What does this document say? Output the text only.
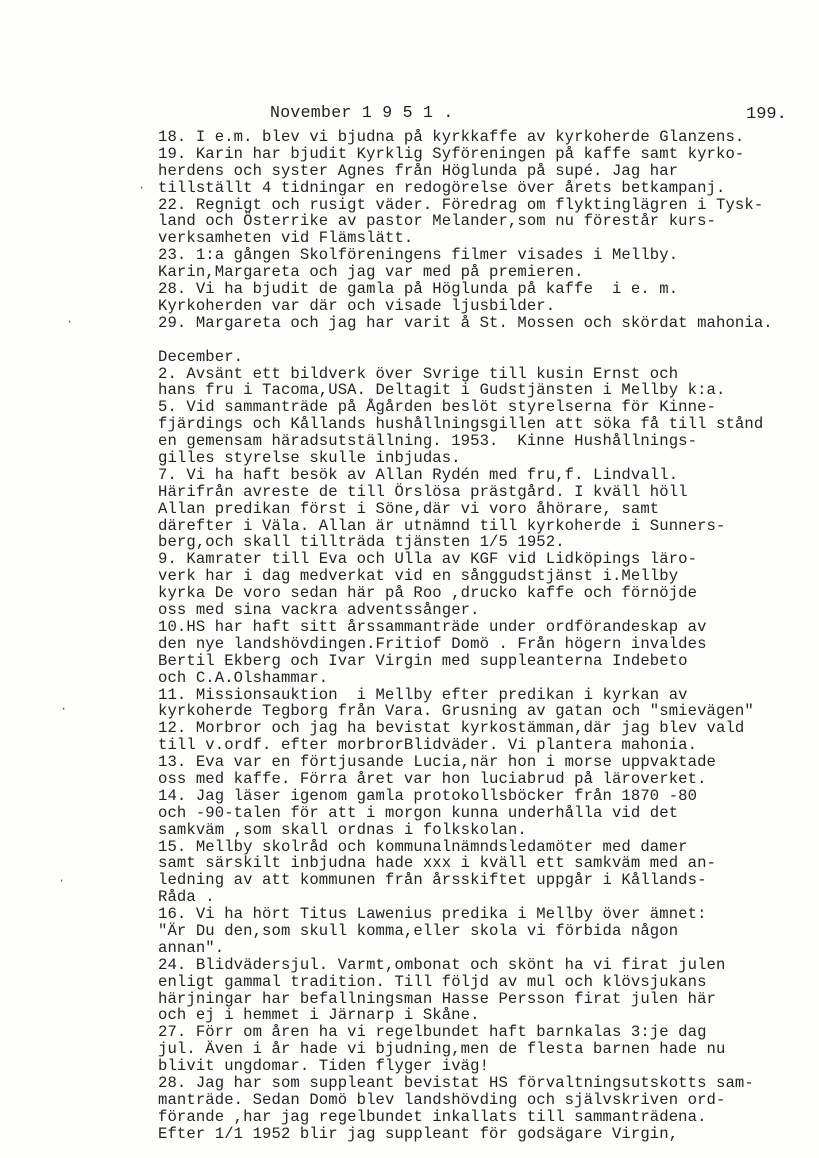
November 1 9 5 1 .	199.
18. I e.m. blev vi bjudna på kyrkkaffe av kyrkoherde Glanzens.
19. Karin har bjudit Kyrklig Syföreningen på kaffe samt kyrko-
herdens och syster Agnes från Höglunda på supé. Jag har
tillställt 4 tidningar en redogörelse över årets betkampanj.
22. Regnigt och rusigt väder. Föredrag om flyktinglägren i Tysk-
land och Österrike av pastor Melander,som nu förestår kurs-
verksamheten vid Flämslätt.
23. 1:a gången Skolföreningens filmer visades i Mellby.
Karin,Margareta och jag var med på premieren.
28. Vi ha bjudit de gamla på Höglunda på kaffe  i e. m.
Kyrkoherden var där och visade ljusbilder.
29. Margareta och jag har varit å St. Mossen och skördat mahonia.
December.
2. Avsänt ett bildverk över Svrige till kusin Ernst och
hans fru i Tacoma,USA. Deltagit i Gudstjänsten i Mellby k:a.
5. Vid sammanträde på Ågården beslöt styrelserna för Kinne-
fjärdings och Kållands hushållningsgillen att söka få till stånd
en gemensam häradsutställning. 1953.  Kinne Hushållnings-
gilles styrelse skulle inbjudas.
7. Vi ha haft besök av Allan Rydén med fru,f. Lindvall.
Härifrån avreste de till Örslösa prästgård. I kväll höll
Allan predikan först i Söne,där vi voro åhörare, samt
därefter i Väla. Allan är utnämnd till kyrkoherde i Sunners-
berg,och skall tillträda tjänsten 1/5 1952.
9. Kamrater till Eva och Ulla av KGF vid Lidköpings läro-
verk har i dag medverkat vid en sånggudstjänst i.Mellby
kyrka De voro sedan här på Roo ,drucko kaffe och förnöjde
oss med sina vackra adventssånger.
10.HS har haft sitt årssammanträde under ordförandeskap av
den nye landshövdingen.Fritiof Domö . Från högern invaldes
Bertil Ekberg och Ivar Virgin med suppleanterna Indebeto
och C.A.Olshammar.
11. Missionsauktion  i Mellby efter predikan i kyrkan av
kyrkoherde Tegborg från Vara. Grusning av gatan och "smievägen"
12. Morbror och jag ha bevistat kyrkostämman,där jag blev vald
till v.ordf. efter morbrorBlidväder. Vi planterа mahonia.
13. Eva var en förtjusande Lucia,när hon i morse uppvaktade
oss med kaffe. Förra året var hon luciabrud på läroverket.
14. Jag läser igenom gamla protokollsböcker från 1870 -80
och -90-talen för att i morgon kunna underhålla vid det
samkväm ,som skall ordnas i folkskolan.
15. Mellby skolråd och kommunalnämndsledamöter med damer
samt särskilt inbjudna hade xxx i kväll ett samkväm med an-
ledning av att kommunen från årsskiftet uppgår i Kållands-
Råda .
16. Vi ha hört Titus Lawenius predika i Mellby över ämnet:
"Är Du den,som skull komma,eller skola vi förbida någon
annan".
24. Blidvädersjul. Varmt,ombonat och skönt ha vi firat julen
enligt gammal tradition. Till följd av mul och klövsjukans
härjningar har befallningsman Hasse Persson firat julen här
och ej i hemmet i Järnarp i Skåne.
27. Förr om åren ha vi regelbundet haft barnkalas 3:je dag
jul. Även i år hade vi bjudning,men de flesta barnen hade nu
blivit ungdomar. Tiden flyger iväg!
28. Jag har som suppleant bevistat HS förvaltningsutskotts sam-
manträde. Sedan Domö blev landshövding och självskriven ord-
förande ,har jag regelbundet inkallats till sammanträdena.
Efter 1/1 1952 blir jag suppleant för godsägare Virgin,
·
·
·
·
